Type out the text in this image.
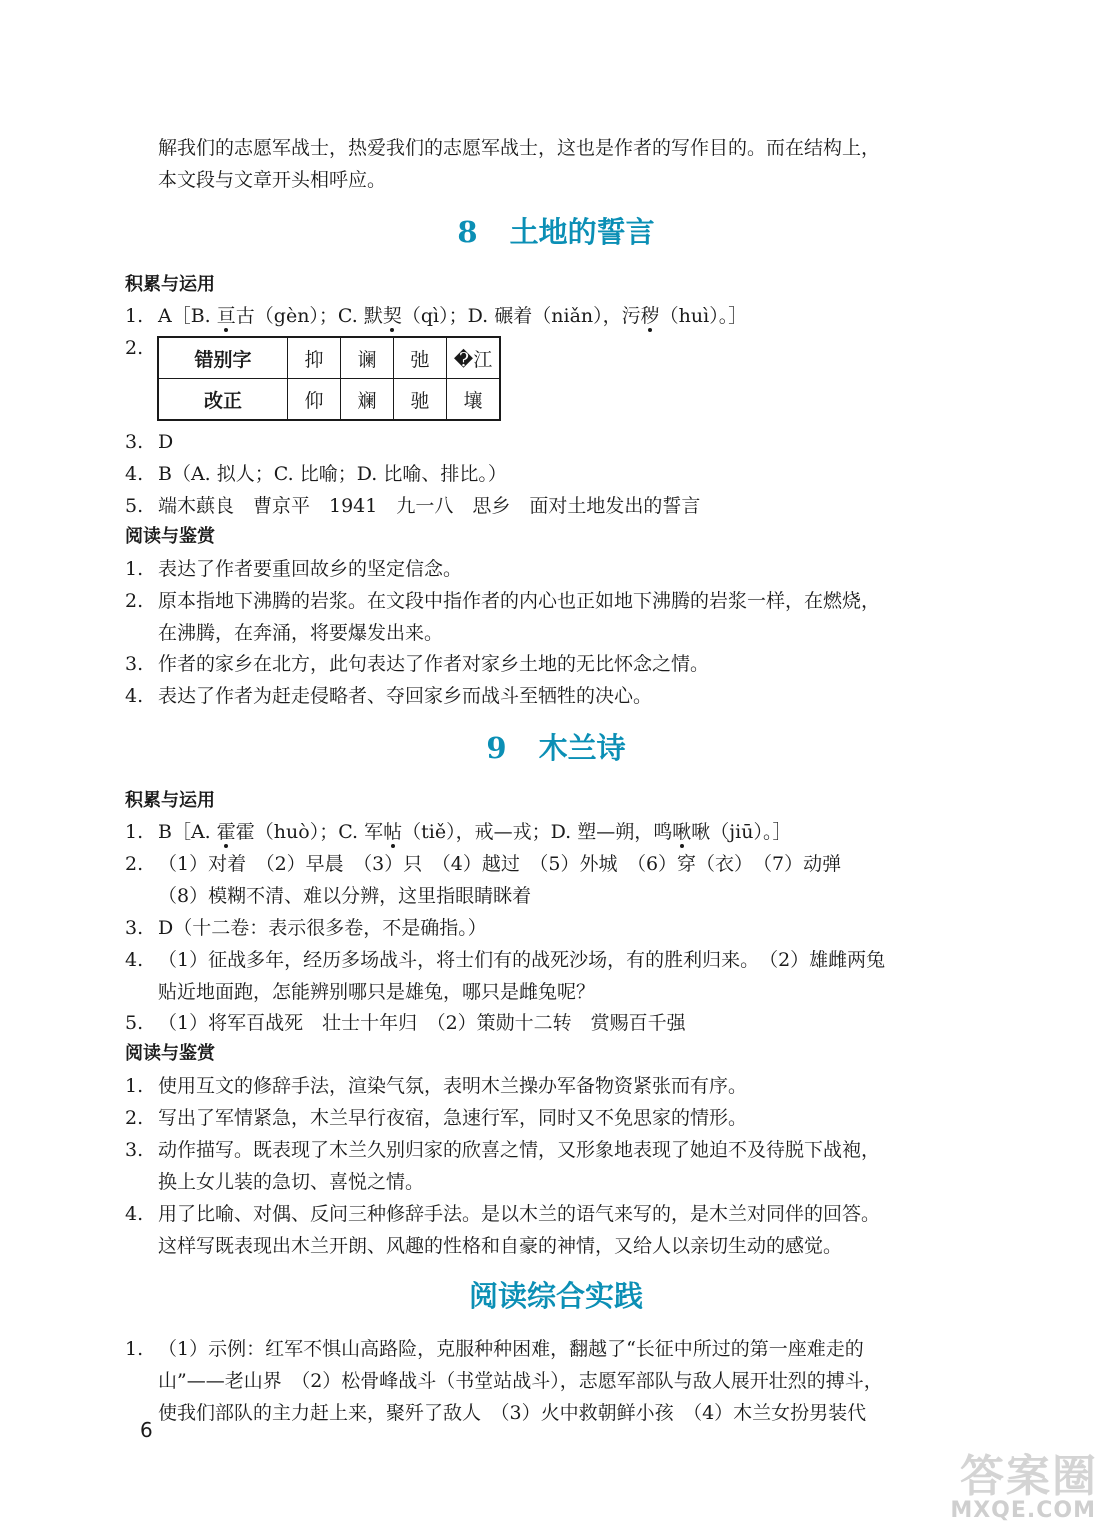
解我们的志愿军战士，热爱我们的志愿军战士，这也是作者的写作目的。而在结构上，
本文段与文章开头相呼应。
8 土地的誓言
积累与运用
1. A［B. 亘古（gèn）；C. 默契（qì）；D. 碾着（niǎn），污秽（huì）。］
2.
错别字	抑	谰	弛	�江
改正	仰	斓	驰	壤
3. D
4. B（A. 拟人；C. 比喻；D. 比喻、排比。）
5. 端木蕻良　曹京平　1941　九一八　思乡　面对土地发出的誓言
阅读与鉴赏
1. 表达了作者要重回故乡的坚定信念。
2. 原本指地下沸腾的岩浆。在文段中指作者的内心也正如地下沸腾的岩浆一样，在燃烧，
在沸腾，在奔涌，将要爆发出来。
3. 作者的家乡在北方，此句表达了作者对家乡土地的无比怀念之情。
4. 表达了作者为赶走侵略者、夺回家乡而战斗至牺牲的决心。
9 木兰诗
积累与运用
1. B［A. 霍霍（huò）；C. 军帖（tiě），戒—戎；D. 塑—朔，鸣啾啾（jiū）。］
2. （1）对着　（2）早晨　（3）只　（4）越过　（5）外城　（6）穿（衣）　（7）动弹
（8）模糊不清、难以分辨，这里指眼睛眯着
3. D（十二卷：表示很多卷，不是确指。）
4. （1）征战多年，经历多场战斗，将士们有的战死沙场，有的胜利归来。　（2）雄雌两兔
贴近地面跑，怎能辨别哪只是雄兔，哪只是雌兔呢？
5. （1）将军百战死　壮士十年归　（2）策勋十二转　赏赐百千强
阅读与鉴赏
1. 使用互文的修辞手法，渲染气氛，表明木兰操办军备物资紧张而有序。
2. 写出了军情紧急，木兰早行夜宿，急速行军，同时又不免思家的情形。
3. 动作描写。既表现了木兰久别归家的欣喜之情，又形象地表现了她迫不及待脱下战袍，
换上女儿装的急切、喜悦之情。
4. 用了比喻、对偶、反问三种修辞手法。是以木兰的语气来写的，是木兰对同伴的回答。
这样写既表现出木兰开朗、风趣的性格和自豪的神情，又给人以亲切生动的感觉。
阅读综合实践
1. （1）示例：红军不惧山高路险，克服种种困难，翻越了“长征中所过的第一座难走的
山”——老山界　（2）松骨峰战斗（书堂站战斗），志愿军部队与敌人展开壮烈的搏斗，
使我们部队的主力赶上来，聚歼了敌人　（3）火中救朝鲜小孩　（4）木兰女扮男装代
6
答案圈
MXQE.COM
